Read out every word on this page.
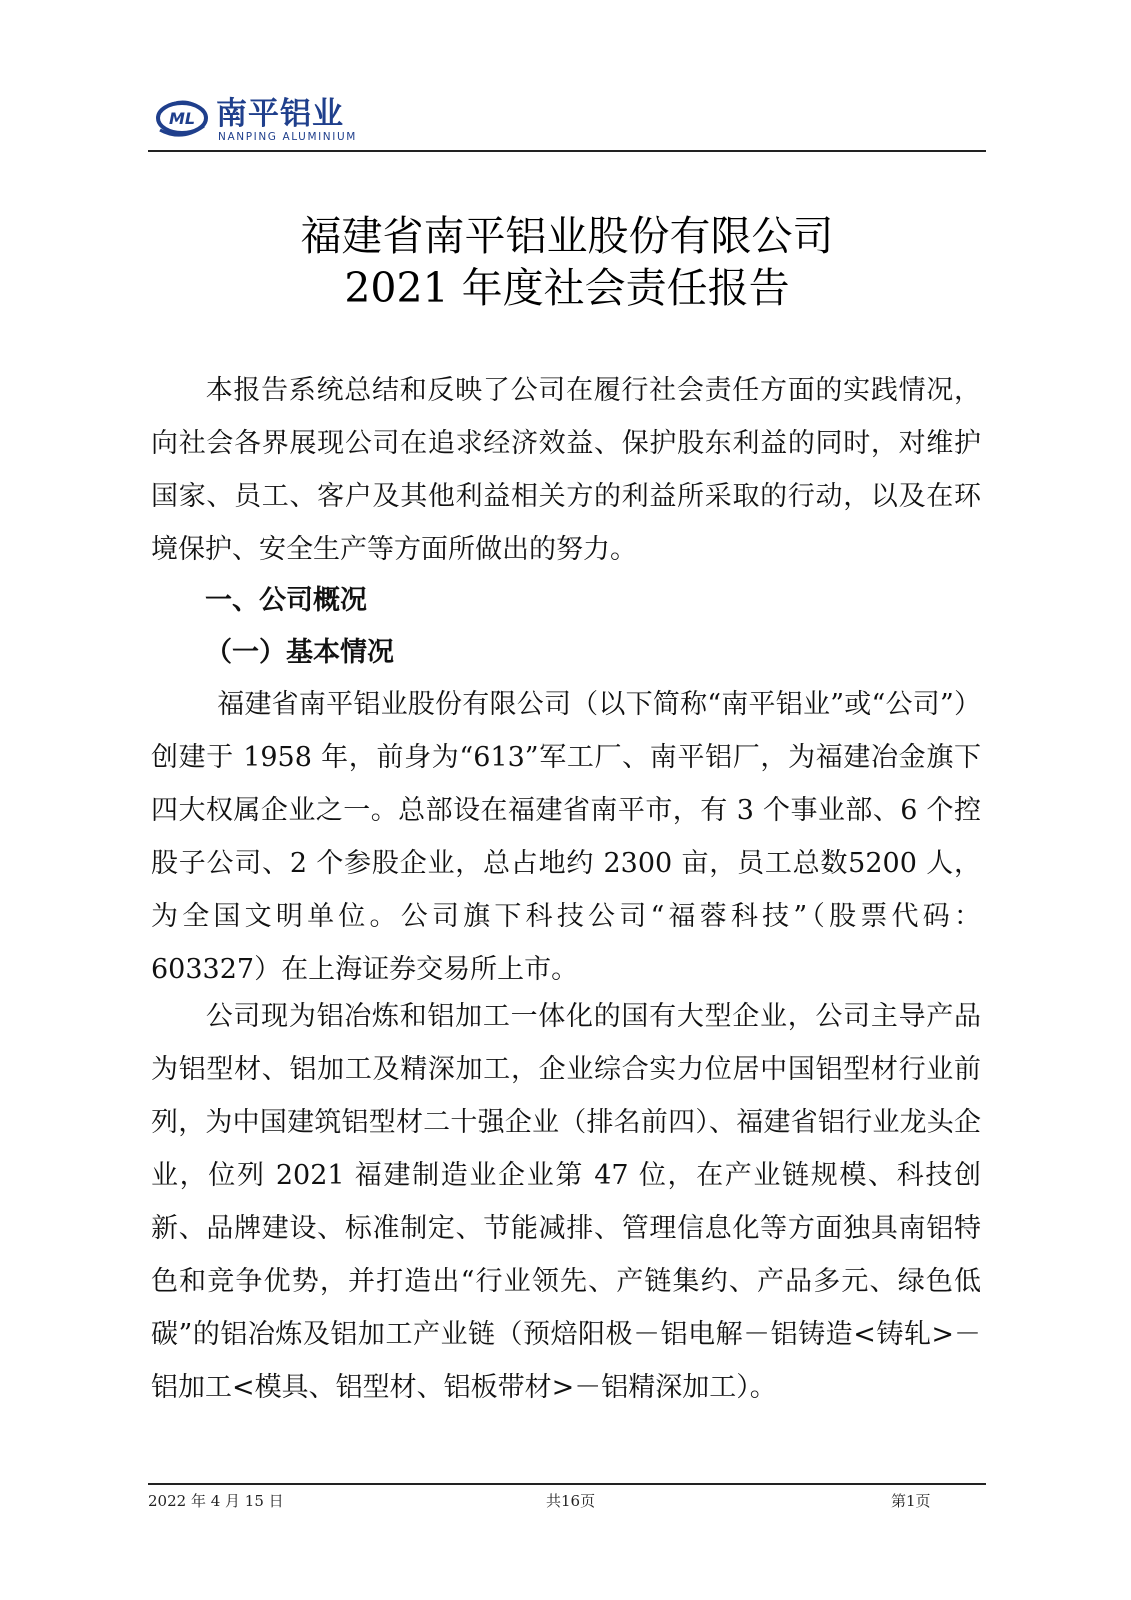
ML 南平铝业
NANPING ALUMINIUM
福建省南平铝业股份有限公司
2021 年度社会责任报告

本报告系统总结和反映了公司在履行社会责任方面的实践情况，向社会各界展现公司在追求经济效益、保护股东利益的同时，对维护国家、员工、客户及其他利益相关方的利益所采取的行动，以及在环境保护、安全生产等方面所做出的努力。

一、公司概况
（一）基本情况

福建省南平铝业股份有限公司（以下简称“南平铝业”或“公司”）创建于 1958 年，前身为“613”军工厂、南平铝厂，为福建冶金旗下四大权属企业之一。总部设在福建省南平市，有 3 个事业部、6 个控股子公司、2 个参股企业，总占地约 2300 亩，员工总数5200 人，为全国文明单位。公司旗下科技公司“福蓉科技”（股票代码：603327）在上海证券交易所上市。

公司现为铝冶炼和铝加工一体化的国有大型企业，公司主导产品为铝型材、铝加工及精深加工，企业综合实力位居中国铝型材行业前列，为中国建筑铝型材二十强企业（排名前四）、福建省铝行业龙头企业，位列 2021 福建制造业企业第 47 位，在产业链规模、科技创新、品牌建设、标准制定、节能减排、管理信息化等方面独具南铝特色和竞争优势，并打造出“行业领先、产链集约、产品多元、绿色低碳”的铝冶炼及铝加工产业链（预焙阳极－铝电解－铝铸造<铸轧>－铝加工<模具、铝型材、铝板带材>－铝精深加工）。

2022 年 4 月 15 日	共16页	第1页
